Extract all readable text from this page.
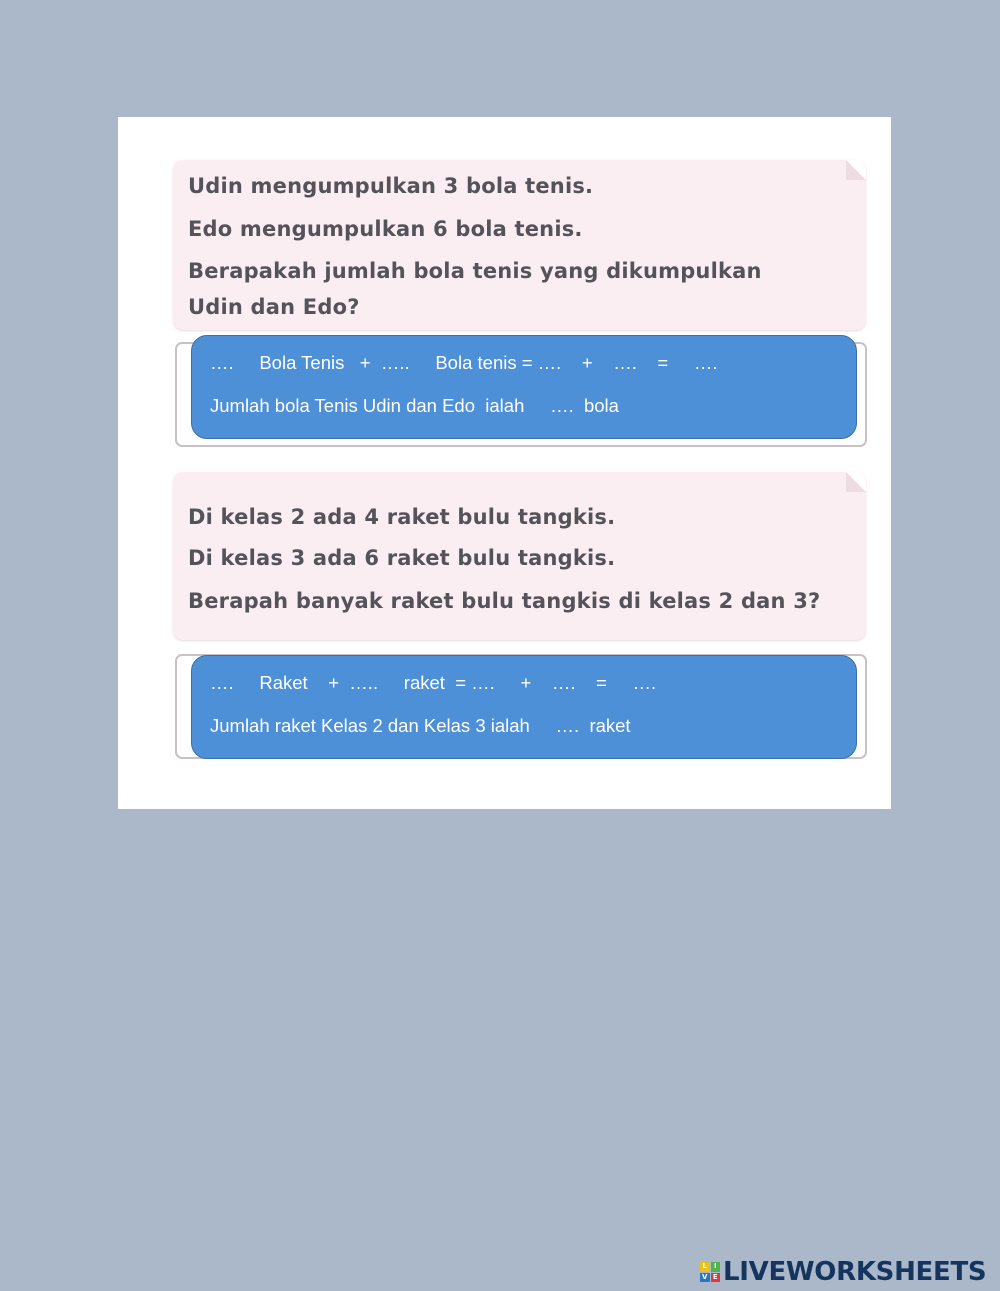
Udin mengumpulkan 3 bola tenis.
Edo mengumpulkan 6 bola tenis.
Berapakah jumlah bola tenis yang dikumpulkan
Udin dan Edo?
….     Bola Tenis   +  …..     Bola tenis = ….    +    ….    =     ….
Jumlah bola Tenis Udin dan Edo  ialah     ….  bola
Di kelas 2 ada 4 raket bulu tangkis.
Di kelas 3 ada 6 raket bulu tangkis.
Berapah banyak raket bulu tangkis di kelas 2 dan 3?
….     Raket    +  …..     raket  = ….     +    ….    =     ….
Jumlah raket Kelas 2 dan Kelas 3 ialah     ….  raket
L I
V E LIVEWORKSHEETS
